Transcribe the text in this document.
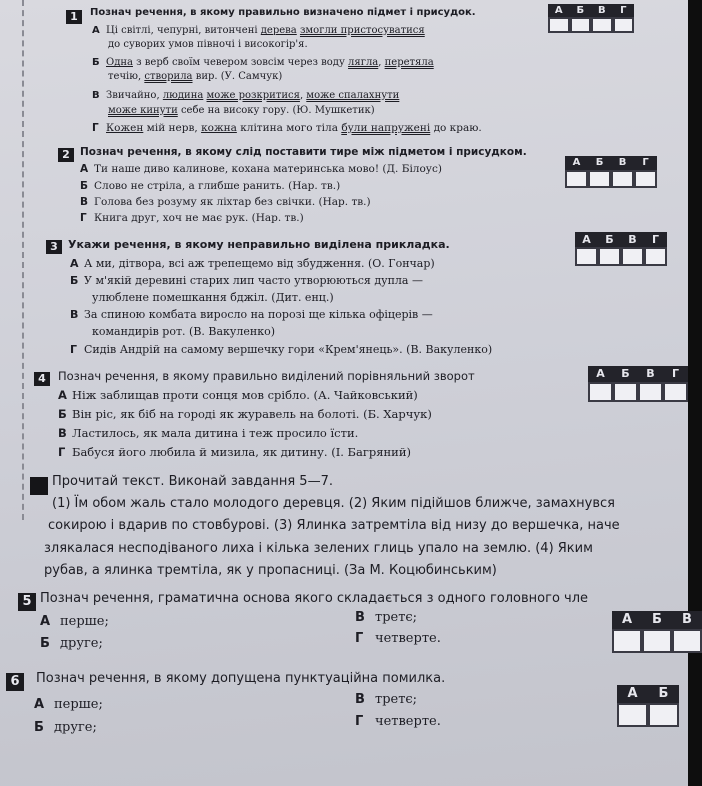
1	Познач речення, в якому правильно визначено підмет і присудок.	А	Б	В	Г
А Ці світлі, чепурні, витончені дерева змогли пристосуватися
до суворих умов півночі і високогір'я.
Б Одна з верб своїм чевером зовсім через воду лягла, перетяла
течію, створила вир. (У. Самчук)
В Звичайно, людина може розкритися, може спалахнути
може кинути себе на високу гору. (Ю. Мушкетик)
Г Кожен мій нерв, кожна клітина мого тіла були напружені до краю.
2 Познач речення, в якому слід поставити тире між підметом і присудком.
А	Б	В	Г
А Ти наше диво калинове, кохана материнська мово! (Д. Білоус)
Б Слово не стріла, а глибше ранить. (Нар. тв.)
В Голова без розуму як ліхтар без свічки. (Нар. тв.)
Г Книга друг, хоч не має рук. (Нар. тв.)
3 Укажи речення, в якому неправильно виділена прикладка.	А	Б	В	Г
А А ми, дітвора, всі аж трепещемо від збудження. (О. Гончар)
Б У м'якій деревині старих лип часто утворюються дупла —
улюблене помешкання бджіл. (Дит. енц.)
В За спиною комбата виросло на порозі ще кілька офіцерів —
командирів рот. (В. Вакуленко)
Г Сидів Андрій на самому вершечку гори «Крем'янець». (В. Вакуленко)
4	Познач речення, в якому правильно виділений порівняльний зворот	А	Б	В	Г
А Ніж заблищав проти сонця мов срібло. (А. Чайковський)
Б Він ріс, як біб на городі як журавель на болоті. (Б. Харчук)
В Ластилось, як мала дитина і теж просило їсти.
Г Бабуся його любила й мизила, як дитину. (І. Багряний)
Прочитай текст. Виконай завдання 5—7.
(1) Їм обом жаль стало молодого деревця. (2) Яким підійшов ближче, замахнувся
сокирою і вдарив по стовбурові. (3) Ялинка затремтіла від низу до вершечка, наче
злякалася несподіваного лиха і кілька зелених глиць упало на землю. (4) Яким
рубав, а ялинка тремтіла, як у пропасниці. (За М. Коцюбинським)
5 Познач речення, граматична основа якого складається з одного головного чле
А	Б	В
А перше;
Б друге;
В третє;
Г четверте.
6	Познач речення, в якому допущена пунктуаційна помилка.
А	Б
А перше;
Б друге;
В третє;
Г четверте.
